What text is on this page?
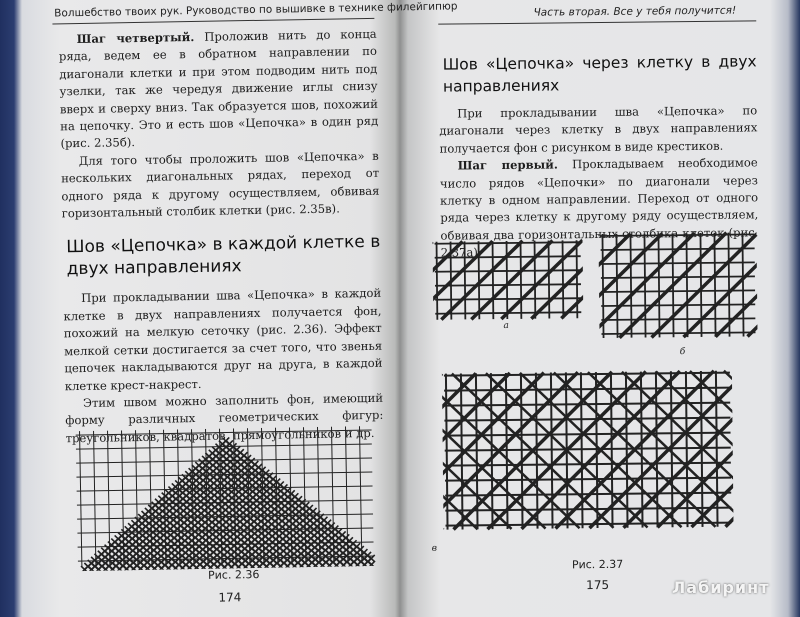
Волшебство твоих рук. Руководство по вышивке в технике филейгипюр

Шаг четвертый. Проложив нить до конца ряда, ведем ее в обратном направлении по диагонали клетки и при этом подводим нить под узелки, так же чередуя движение иглы снизу вверх и сверху вниз. Так образуется шов, похожий на цепочку. Это и есть шов «Цепочка» в один ряд (рис. 2.35б).

Для того чтобы проложить шов «Цепочка» в нескольких диагональных рядах, переход от одного ряда к другому осуществляем, обвивая горизонтальный столбик клетки (рис. 2.35в).

Шов «Цепочка» в каждой клетке в двух направлениях

При прокладывании шва «Цепочка» в каждой клетке в двух направлениях получается фон, похожий на мелкую сеточку (рис. 2.36). Эффект мелкой сетки достигается за счет того, что звенья цепочек накладываются друг на друга, в каждой клетке крест-накрест.

Этим швом можно заполнить фон, имеющий форму различных геометрических фигур: треугольников, квадратов, прямоугольников и др.

Рис. 2.36
174
Часть вторая. Все у тебя получится!
Шов «Цепочка» через клетку в двух направлениях

При прокладывании шва «Цепочка» по диагонали через клетку в двух направлениях получается фон с рисунком в виде крестиков.

Шаг первый. Прокладываем необходимое число рядов «Цепочки» по диагонали через клетку в одном направлении. Переход от одного ряда через клетку к другому ряду осуществляем, обвивая два горизонтальных столбика клеток (рис. 2.37а).

а
б
в
Рис. 2.37
175	Лабиринт
